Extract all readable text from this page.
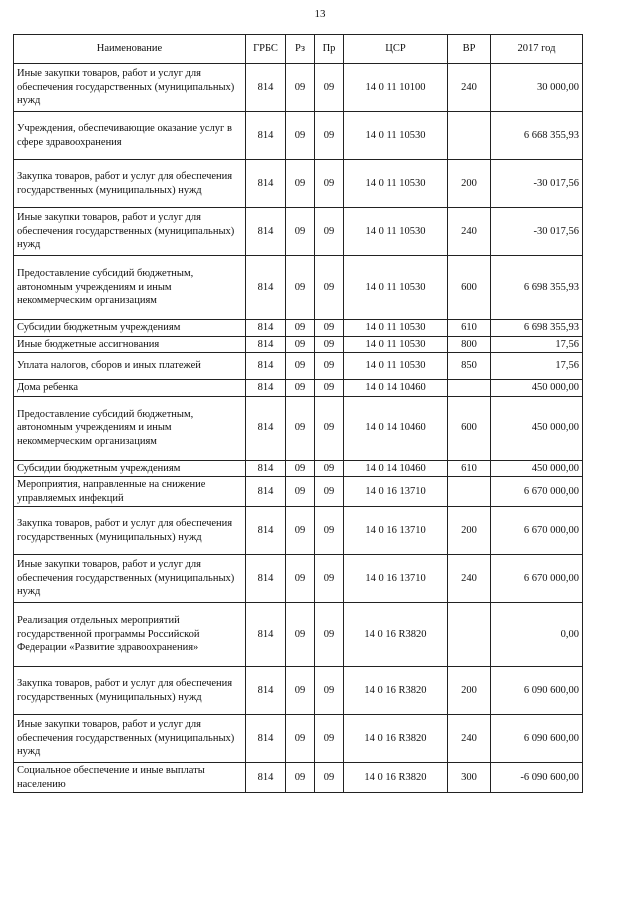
13
Наименование	ГРБС	Рз	Пр	ЦСР	ВР	2017 год
Иные закупки товаров, работ и услуг для обеспечения государственных (муниципальных) нужд	814	09	09	14 0 11 10100	240	30 000,00
Учреждения, обеспечивающие оказание услуг в сфере здравоохранения	814	09	09	14 0 11 10530		6 668 355,93
Закупка товаров, работ и услуг для обеспечения государственных (муниципальных) нужд	814	09	09	14 0 11 10530	200	-30 017,56
Иные закупки товаров, работ и услуг для обеспечения государственных (муниципальных) нужд	814	09	09	14 0 11 10530	240	-30 017,56
Предоставление субсидий бюджетным, автономным учреждениям и иным некоммерческим организациям	814	09	09	14 0 11 10530	600	6 698 355,93
Субсидии бюджетным учреждениям	814	09	09	14 0 11 10530	610	6 698 355,93
Иные бюджетные ассигнования	814	09	09	14 0 11 10530	800	17,56
Уплата налогов, сборов и иных платежей	814	09	09	14 0 11 10530	850	17,56
Дома ребенка	814	09	09	14 0 14 10460		450 000,00
Предоставление субсидий бюджетным, автономным учреждениям и иным некоммерческим организациям	814	09	09	14 0 14 10460	600	450 000,00
Субсидии бюджетным учреждениям	814	09	09	14 0 14 10460	610	450 000,00
Мероприятия, направленные на снижение управляемых инфекций	814	09	09	14 0 16 13710		6 670 000,00
Закупка товаров, работ и услуг для обеспечения государственных (муниципальных) нужд	814	09	09	14 0 16 13710	200	6 670 000,00
Иные закупки товаров, работ и услуг для обеспечения государственных (муниципальных) нужд	814	09	09	14 0 16 13710	240	6 670 000,00
Реализация отдельных мероприятий государственной программы Российской Федерации «Развитие здравоохранения»	814	09	09	14 0 16 R3820		0,00
Закупка товаров, работ и услуг для обеспечения государственных (муниципальных) нужд	814	09	09	14 0 16 R3820	200	6 090 600,00
Иные закупки товаров, работ и услуг для обеспечения государственных (муниципальных) нужд	814	09	09	14 0 16 R3820	240	6 090 600,00
Социальное обеспечение и иные выплаты населению	814	09	09	14 0 16 R3820	300	-6 090 600,00
